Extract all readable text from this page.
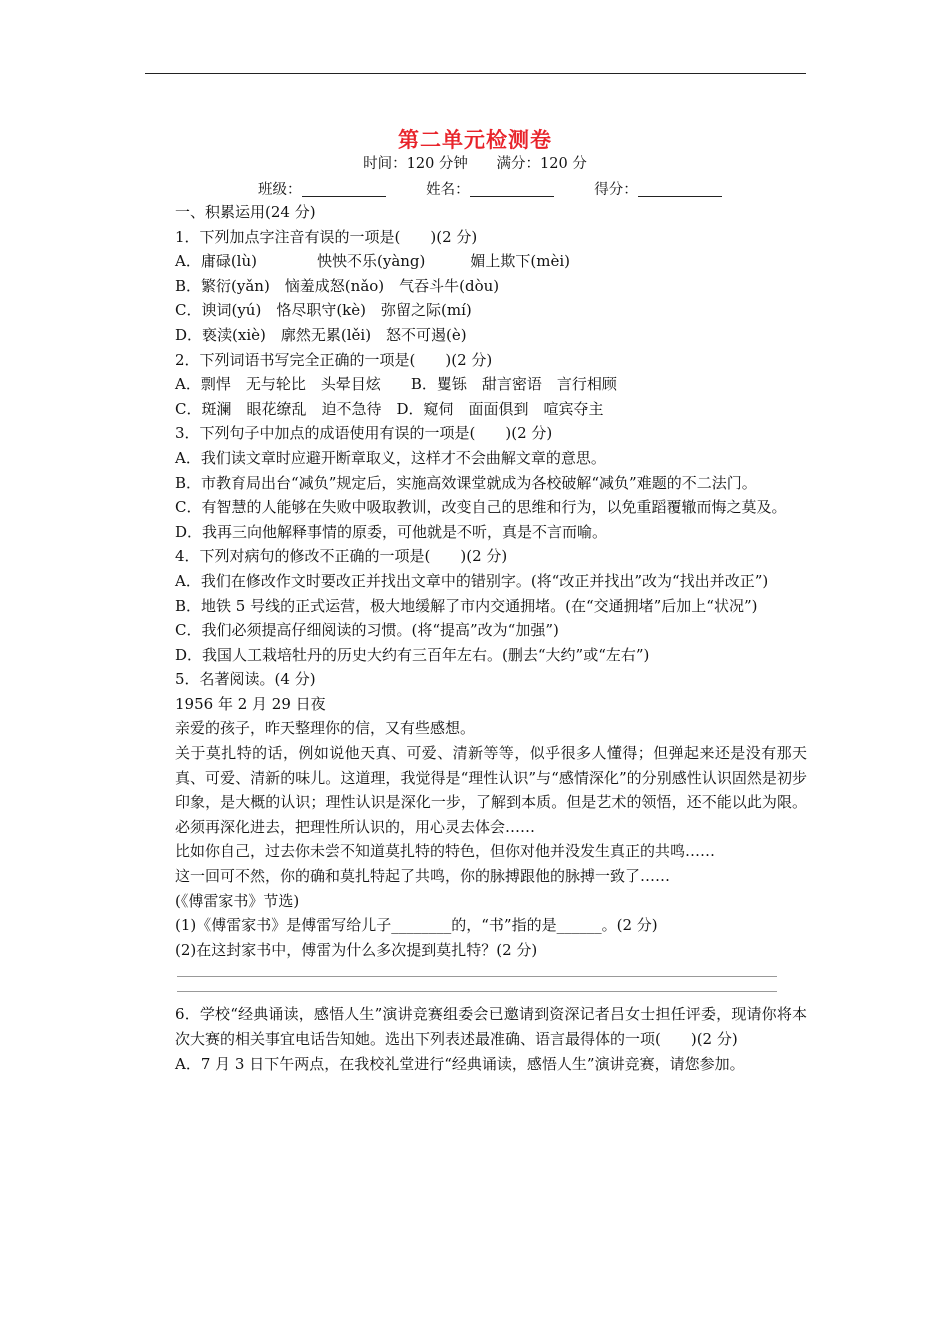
第二单元检测卷
时间：120 分钟 满分：120 分
班级：	姓名：	得分：

一、积累运用(24 分)

1．下列加点字注音有误的一项是(　　)(2 分)

A．庸碌(lù)　　　　怏怏不乐(yàng)　　　媚上欺下(mèi)

B．繁衍(yǎn)　恼羞成怒(nǎo)　气吞斗牛(dòu)

C．谀词(yú)　恪尽职守(kè)　弥留之际(mí)

D．亵渎(xiè)　廓然无累(lěi)　怒不可遏(è)

2．下列词语书写完全正确的一项是(　　)(2 分)

A．剽悍　无与轮比　头晕目炫　　B．矍铄　甜言密语　言行相顾

C．斑澜　眼花缭乱　迫不急待　D．窥伺　面面俱到　喧宾夺主

3．下列句子中加点的成语使用有误的一项是(　　)(2 分)

A．我们读文章时应避开断章取义，这样才不会曲解文章的意思。

B．市教育局出台“减负”规定后，实施高效课堂就成为各校破解“减负”难题的不二法门。

C．有智慧的人能够在失败中吸取教训，改变自己的思维和行为，以免重蹈覆辙而悔之莫及。

D．我再三向他解释事情的原委，可他就是不听，真是不言而喻。

4．下列对病句的修改不正确的一项是(　　)(2 分)

A．我们在修改作文时要改正并找出文章中的错别字。(将“改正并找出”改为“找出并改正”)

B．地铁 5 号线的正式运营，极大地缓解了市内交通拥堵。(在“交通拥堵”后加上“状况”)

C．我们必须提高仔细阅读的习惯。(将“提高”改为“加强”)

D．我国人工栽培牡丹的历史大约有三百年左右。(删去“大约”或“左右”)

5．名著阅读。(4 分)

1956 年 2 月 29 日夜

亲爱的孩子，昨天整理你的信，又有些感想。

关于莫扎特的话，例如说他天真、可爱、清新等等，似乎很多人懂得；但弹起来还是没有那天真、可爱、清新的味儿。这道理，我觉得是“理性认识”与“感情深化”的分别感性认识固然是初步印象，是大概的认识；理性认识是深化一步，了解到本质。但是艺术的领悟，还不能以此为限。必须再深化进去，把理性所认识的，用心灵去体会……

比如你自己，过去你未尝不知道莫扎特的特色，但你对他并没发生真正的共鸣……

这一回可不然，你的确和莫扎特起了共鸣，你的脉搏跟他的脉搏一致了……

(《傅雷家书》节选)

(1)《傅雷家书》是傅雷写给儿子________的，“书”指的是______。(2 分)

(2)在这封家书中，傅雷为什么多次提到莫扎特？(2 分)

6．学校“经典诵读，感悟人生”演讲竞赛组委会已邀请到资深记者吕女士担任评委，现请你将本次大赛的相关事宜电话告知她。选出下列表述最准确、语言最得体的一项(　　)(2 分)

A．7 月 3 日下午两点，在我校礼堂进行“经典诵读，感悟人生”演讲竞赛，请您参加。
